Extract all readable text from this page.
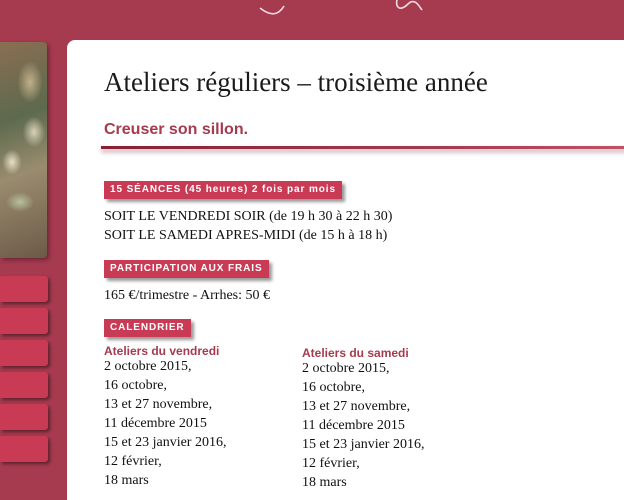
Ateliers réguliers – troisième année
Creuser son sillon.
15 SÉANCES (45 heures) 2 fois par mois

SOIT LE VENDREDI SOIR (de 19 h 30 à 22 h 30)

SOIT LE SAMEDI APRES-MIDI (de 15 h à 18 h)

PARTICIPATION AUX FRAIS

165 €/trimestre - Arrhes: 50 €

CALENDRIER
Ateliers du vendredi
2 octobre 2015,
16 octobre,
13 et 27 novembre,
11 décembre 2015
15 et 23 janvier 2016,
12 février,
18 mars
Ateliers du samedi
2 octobre 2015,
16 octobre,
13 et 27 novembre,
11 décembre 2015
15 et 23 janvier 2016,
12 février,
18 mars
